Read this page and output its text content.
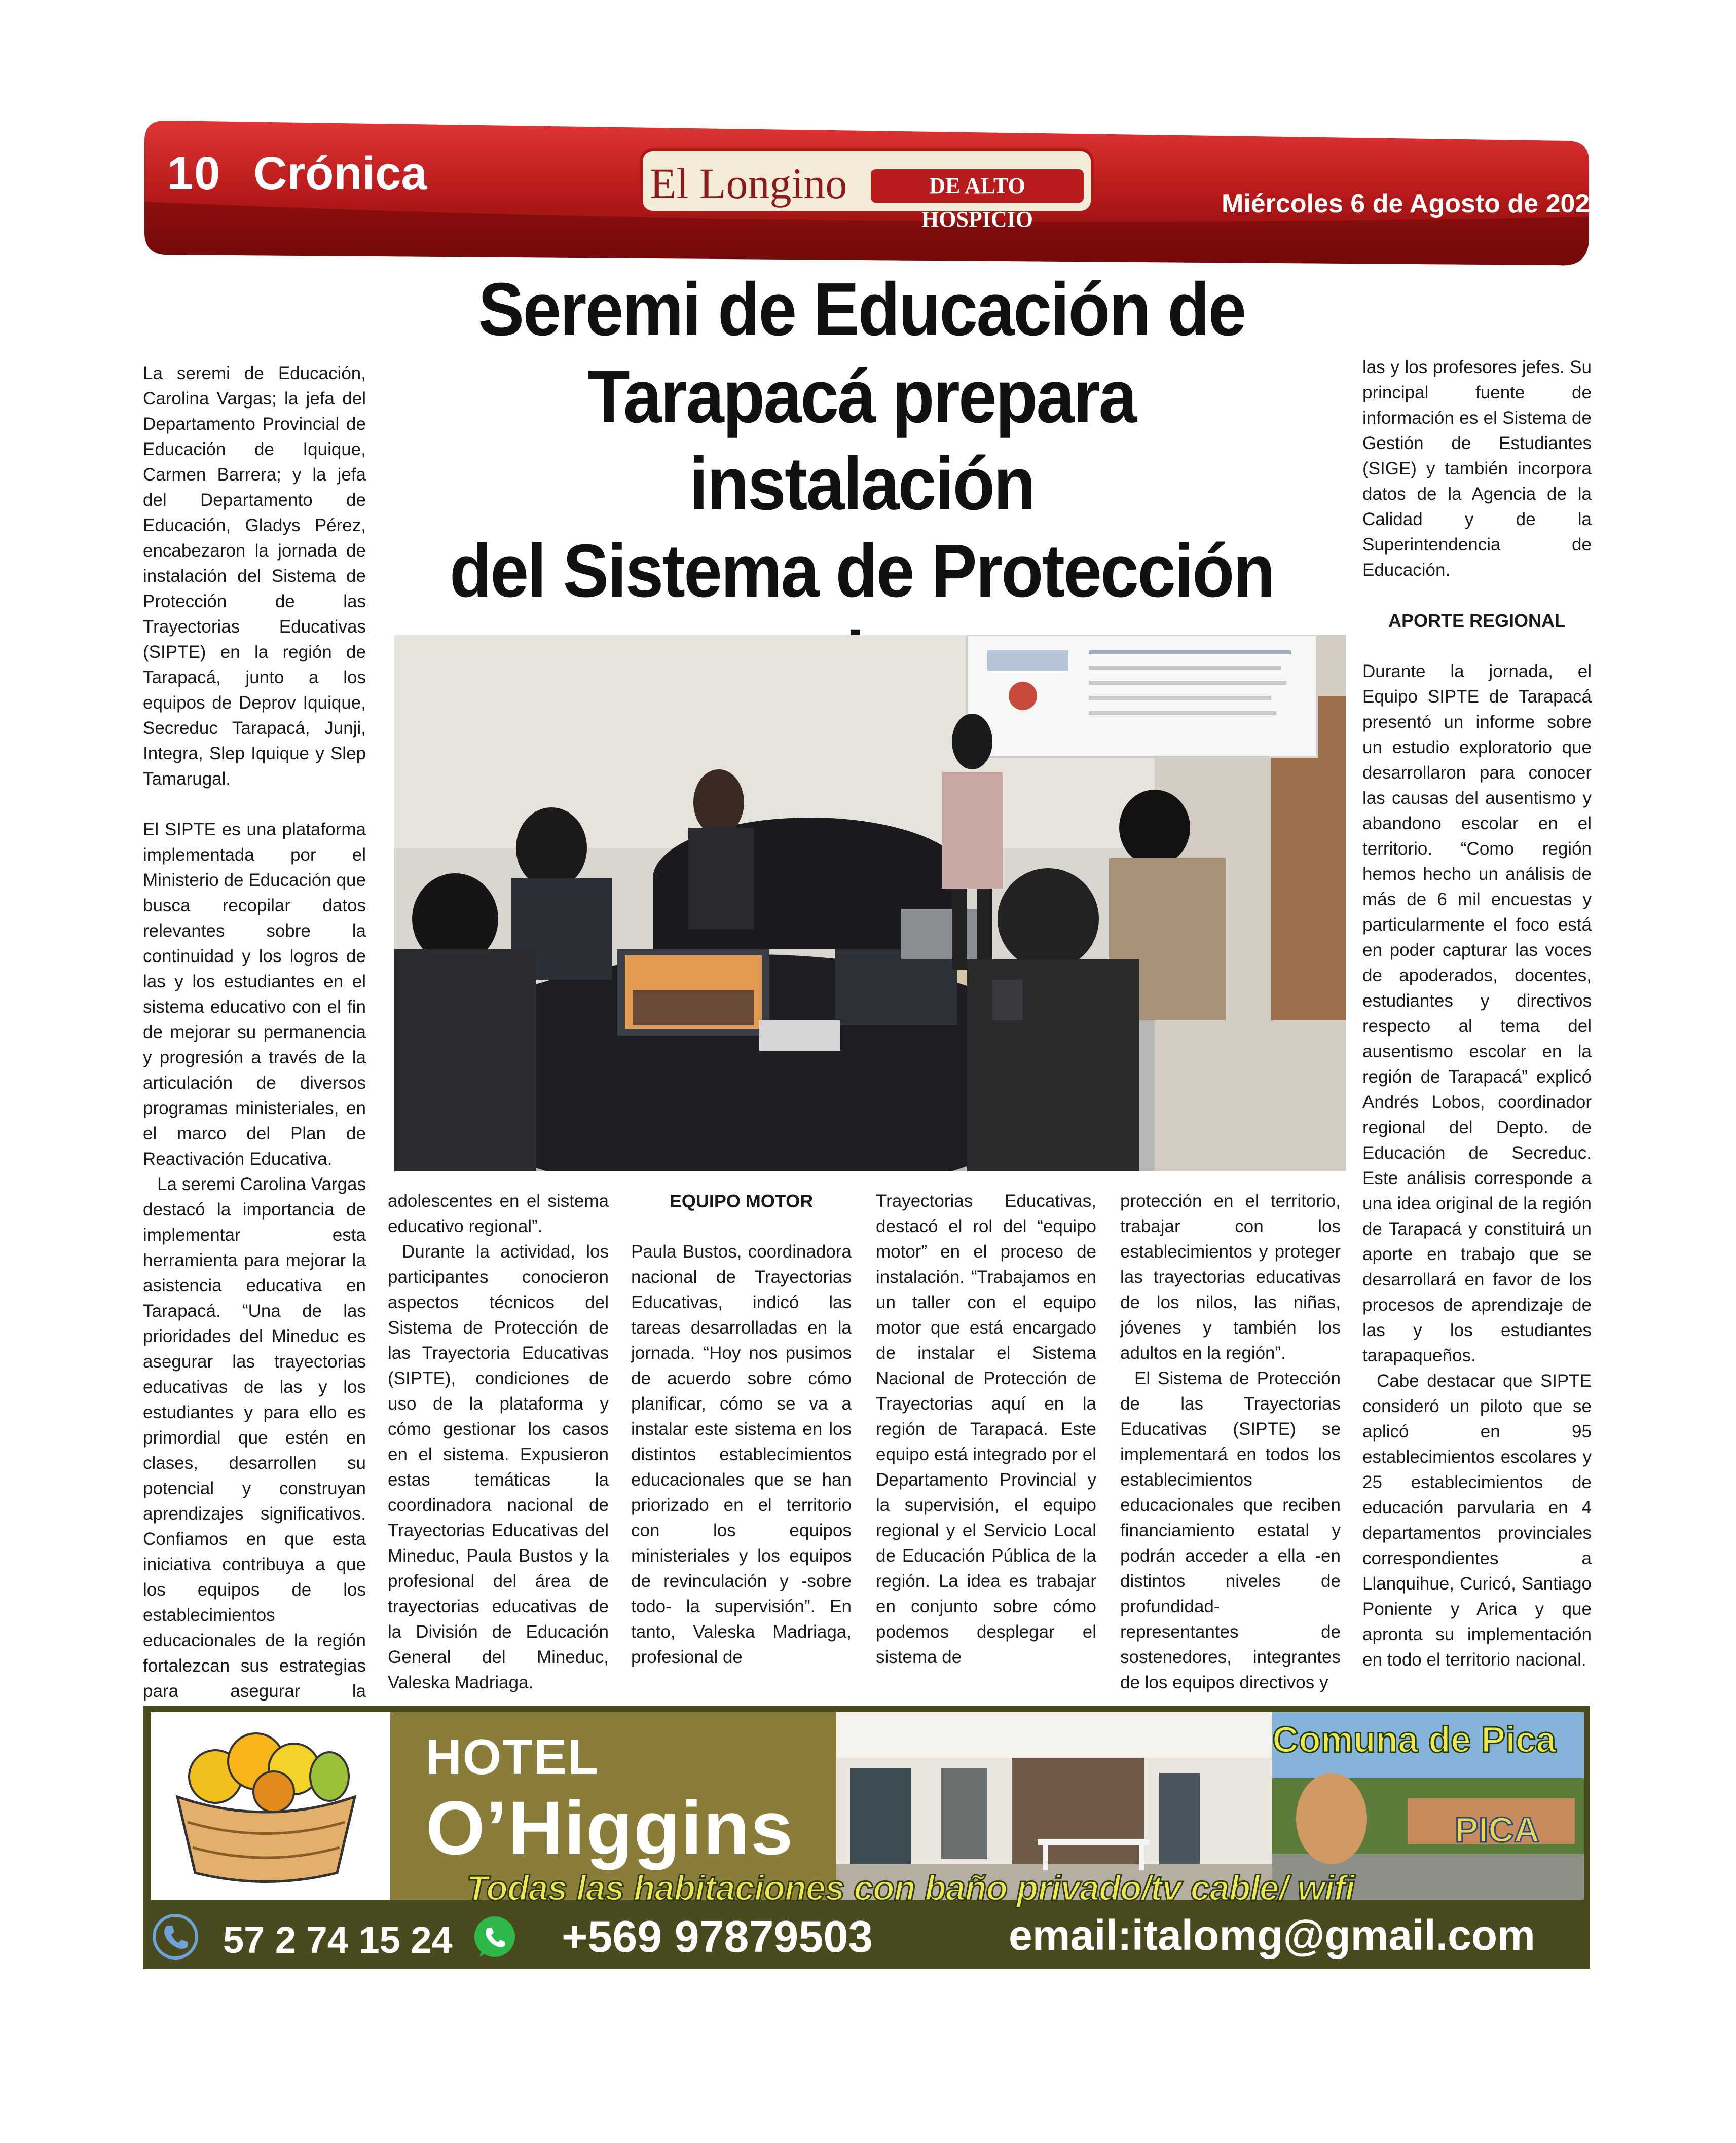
10 Crónica	El Longino	DE ALTO HOSPICIO
Miércoles 6 de Agosto de 2025
Seremi de Educación de
Tarapacá prepara instalación
del Sistema de Protección

La seremi de Educación, Carolina Vargas; la jefa del Departamento Provincial de Educación de Iquique, Carmen Barrera; y la jefa del Departamento de Educación, Gladys Pérez, encabezaron la jornada de instalación del Sistema de Protección de las Trayectorias Educativas (SIPTE) en la región de Tarapacá, junto a los equipos de Deprov Iquique, Secreduc Tarapacá, Junji, Integra, Slep Iquique y Slep Tamarugal.

El SIPTE es una plataforma implementada por el Ministerio de Educación que busca recopilar datos relevantes sobre la continuidad y los logros de las y los estudiantes en el sistema educativo con el fin de mejorar su permanencia y progresión a través de la articulación de diversos programas ministeriales, en el marco del Plan de Reactivación Educativa.

La seremi Carolina Vargas destacó la importancia de implementar esta herramienta para mejorar la asistencia educativa en Tarapacá. “Una de las prioridades del Mineduc es asegurar las trayectorias educativas de las y los estudiantes y para ello es primordial que estén en clases, desarrollen su potencial y construyan aprendizajes significativos. Confiamos en que esta iniciativa contribuya a que los equipos de los establecimientos educacionales de la región fortalezcan sus estrategias para asegurar la

adolescentes en el sistema educativo regional”.

Durante la actividad, los participantes conocieron aspectos técnicos del Sistema de Protección de las Trayectoria Educativas (SIPTE), condiciones de uso de la plataforma y cómo gestionar los casos en el sistema. Expusieron estas temáticas la coordinadora nacional de Trayectorias Educativas del Mineduc, Paula Bustos y la profesional del área de trayectorias educativas de la División de Educación General del Mineduc, Valeska Madriaga.

EQUIPO MOTOR

Paula Bustos, coordinadora nacional de Trayectorias Educativas, indicó las tareas desarrolladas en la jornada. “Hoy nos pusimos de acuerdo sobre cómo planificar, cómo se va a instalar este sistema en los distintos establecimientos educacionales que se han priorizado en el territorio con los equipos ministeriales y los equipos de revinculación y -sobre todo- la supervisión”. En tanto, Valeska Madriaga, profesional de

Trayectorias Educativas, destacó el rol del “equipo motor” en el proceso de instalación. “Trabajamos en un taller con el equipo motor que está encargado de instalar el Sistema Nacional de Protección de Trayectorias aquí en la región de Tarapacá. Este equipo está integrado por el Departamento Provincial y la supervisión, el equipo regional y el Servicio Local de Educación Pública de la región. La idea es trabajar en conjunto sobre cómo podemos desplegar el sistema de

protección en el territorio, trabajar con los establecimientos y proteger las trayectorias educativas de los nilos, las niñas, jóvenes y también los adultos en la región”.

El Sistema de Protección de las Trayectorias Educativas (SIPTE) se implementará en todos los establecimientos educacionales que reciben financiamiento estatal y podrán acceder a ella -en distintos niveles de profundidad- representantes de sostenedores, integrantes de los equipos directivos y

las y los profesores jefes. Su principal fuente de información es el Sistema de Gestión de Estudiantes (SIGE) y también incorpora datos de la Agencia de la Calidad y de la Superintendencia de Educación.

APORTE REGIONAL

Durante la jornada, el Equipo SIPTE de Tarapacá presentó un informe sobre un estudio exploratorio que desarrollaron para conocer las causas del ausentismo y abandono escolar en el territorio. “Como región hemos hecho un análisis de más de 6 mil encuestas y particularmente el foco está en poder capturar las voces de apoderados, docentes, estudiantes y directivos respecto al tema del ausentismo escolar en la región de Tarapacá” explicó Andrés Lobos, coordinador regional del Depto. de Educación de Secreduc. Este análisis corresponde a una idea original de la región de Tarapacá y constituirá un aporte en trabajo que se desarrollará en favor de los procesos de aprendizaje de las y los estudiantes tarapaqueños.

Cabe destacar que SIPTE consideró un piloto que se aplicó en 95 establecimientos escolares y 25 establecimientos de educación parvularia en 4 departamentos provinciales correspondientes a Llanquihue, Curicó, Santiago Poniente y Arica y que apronta su implementación en todo el territorio nacional.

HOTEL
O’Higgins
Todas las habitaciones con baño privado/tv cable/ wifi
Comuna de Pica
PICA
57 2 74 15 24 +569 97879503	email:italomg@gmail.com
